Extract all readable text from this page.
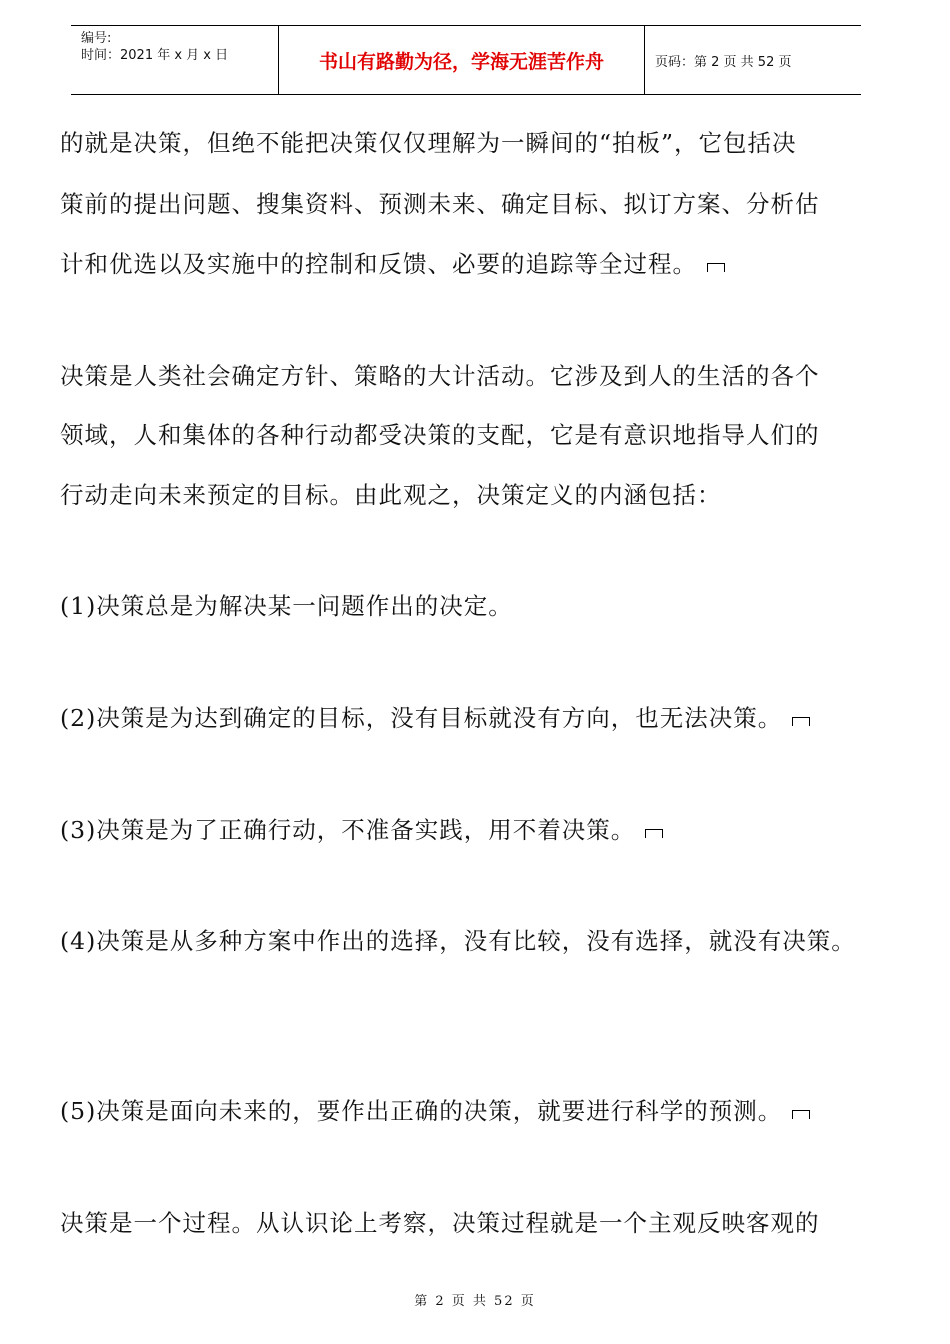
编号:
时间：2021 年 x 月 x 日	书山有路勤为径，学海无涯苦作舟	页码：第 2 页 共 52 页
的就是决策，但绝不能把决策仅仅理解为一瞬间的“拍板”，它包括决
策前的提出问题、搜集资料、预测未来、确定目标、拟订方案、分析估
计和优选以及实施中的控制和反馈、必要的追踪等全过程。
决策是人类社会确定方针、策略的大计活动。它涉及到人的生活的各个
领域，人和集体的各种行动都受决策的支配，它是有意识地指导人们的
行动走向未来预定的目标。由此观之，决策定义的内涵包括：
(1)决策总是为解决某一问题作出的决定。
(2)决策是为达到确定的目标，没有目标就没有方向，也无法决策。
(3)决策是为了正确行动，不准备实践，用不着决策。
(4)决策是从多种方案中作出的选择，没有比较，没有选择，就没有决策。
(5)决策是面向未来的，要作出正确的决策，就要进行科学的预测。
决策是一个过程。从认识论上考察，决策过程就是一个主观反映客观的
第 2 页 共 52 页
